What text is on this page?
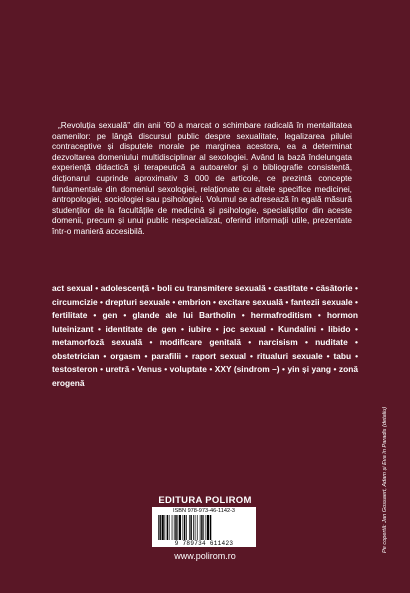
„Revoluția sexuală” din anii ’60 a marcat o schimbare radicală în mentalitatea oamenilor: pe lângă discursul public despre sexualitate, legalizarea pilulei contraceptive și disputele morale pe marginea acestora, ea a determinat dezvoltarea domeniului multidisciplinar al sexologiei. Având la bază îndelungata experiență didactică și terapeutică a autoarelor și o bibliografie consistentă, dicționarul cuprinde aproximativ 3 000 de articole, ce prezintă concepte fundamentale din domeniul sexologiei, relaționate cu altele specifice medicinei, antropologiei, sociologiei sau psihologiei. Volumul se adresează în egală măsură studenților de la facultățile de medicină și psihologie, specialiștilor din aceste domenii, precum și unui public nespecializat, oferind informații utile, prezentate într-o manieră accesibilă.

act sexual • adolescență • boli cu transmitere sexuală • castitate • căsătorie • circumcizie • drepturi sexuale • embrion • excitare sexuală • fantezii sexuale • fertilitate • gen • glande ale lui Bartholin • hermafroditism • hormon luteinizant • identitate de gen • iubire • joc sexual • Kundalini • libido • metamorfoză sexuală • modificare genitală • narcisism • nuditate • obstetrician • orgasm • parafilii • raport sexual • ritualuri sexuale • tabu • testosteron • uretră • Venus • voluptate • XXY (sindrom –) • yin și yang • zonă erogenă

EDITURA POLIROM
ISBN 978-973-46-1142-3
9 789734 611423
www.polirom.ro
Pe copertă: Jan Gossaert, Adam și Eva în Paradis (detaliu)
